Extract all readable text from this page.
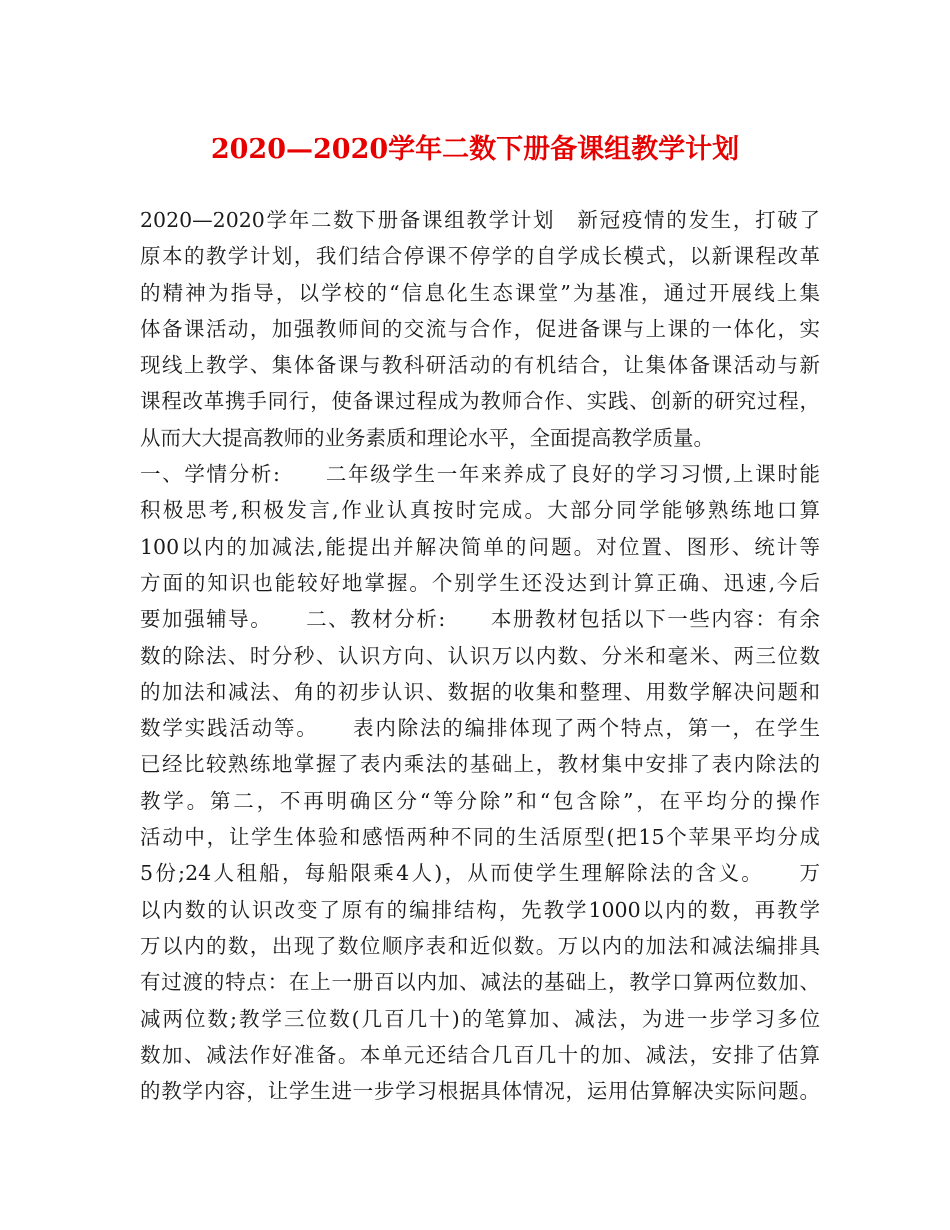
2020—2020学年二数下册备课组教学计划
2020—2020学年二数下册备课组教学计划　新冠疫情的发生，打破了
原本的教学计划，我们结合停课不停学的自学成长模式，以新课程改革
的精神为指导，以学校的“信息化生态课堂”为基准，通过开展线上集
体备课活动，加强教师间的交流与合作，促进备课与上课的一体化，实
现线上教学、集体备课与教科研活动的有机结合，让集体备课活动与新
课程改革携手同行，使备课过程成为教师合作、实践、创新的研究过程，
从而大大提高教师的业务素质和理论水平，全面提高教学质量。
一、学情分析:　　二年级学生一年来养成了良好的学习习惯,上课时能
积极思考,积极发言,作业认真按时完成。大部分同学能够熟练地口算
100以内的加减法,能提出并解决简单的问题。对位置、图形、统计等
方面的知识也能较好地掌握。个别学生还没达到计算正确、迅速,今后
要加强辅导。　　二、教材分析:　　本册教材包括以下一些内容：有余
数的除法、时分秒、认识方向、认识万以内数、分米和毫米、两三位数
的加法和减法、角的初步认识、数据的收集和整理、用数学解决问题和
数学实践活动等。　　表内除法的编排体现了两个特点，第一，在学生
已经比较熟练地掌握了表内乘法的基础上，教材集中安排了表内除法的
教学。第二，不再明确区分“等分除”和“包含除”，在平均分的操作
活动中，让学生体验和感悟两种不同的生活原型(把15个苹果平均分成
5份;24人租船，每船限乘4人)，从而使学生理解除法的含义。　　万
以内数的认识改变了原有的编排结构，先教学1000以内的数，再教学
万以内的数，出现了数位顺序表和近似数。万以内的加法和减法编排具
有过渡的特点：在上一册百以内加、减法的基础上，教学口算两位数加、
减两位数;教学三位数(几百几十)的笔算加、减法，为进一步学习多位
数加、减法作好准备。本单元还结合几百几十的加、减法，安排了估算
的教学内容，让学生进一步学习根据具体情况，运用估算解决实际问题。
